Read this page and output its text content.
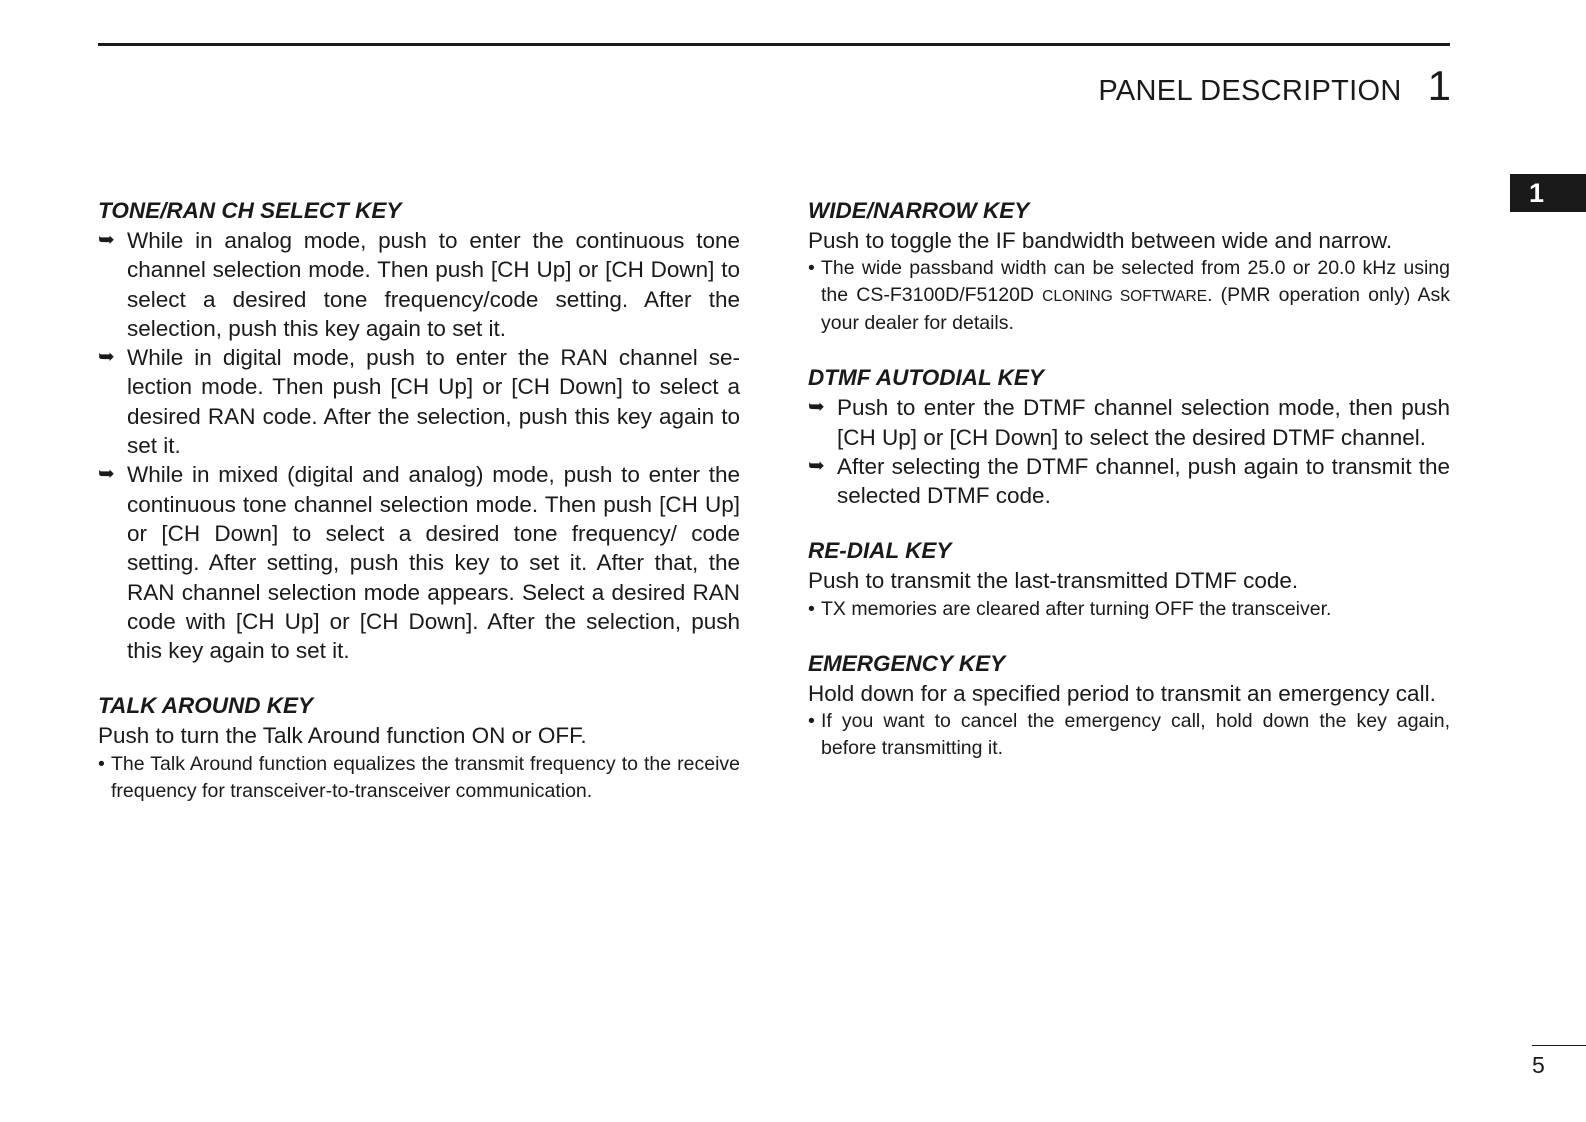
PANEL DESCRIPTION 1
1

TONE/RAN CH SELECT KEY

➥ While in analog mode, push to enter the continuous tone channel selection mode. Then push [CH Up] or [CH Down] to select a desired tone frequency/code setting. After the selection, push this key again to set it.
➥ While in digital mode, push to enter the RAN channel selection mode. Then push [CH Up] or [CH Down] to select a desired RAN code. After the selection, push this key again to set it.
➥ While in mixed (digital and analog) mode, push to enter the continuous tone channel selection mode. Then push [CH Up] or [CH Down] to select a desired tone frequency/ code setting. After setting, push this key to set it. After that, the RAN channel selection mode appears. Select a desired RAN code with [CH Up] or [CH Down]. After the selection, push this key again to set it.

TALK AROUND KEY

Push to turn the Talk Around function ON or OFF.

• The Talk Around function equalizes the transmit frequency to the receive frequency for transceiver-to-transceiver communication.

WIDE/NARROW KEY

Push to toggle the IF bandwidth between wide and narrow.

• The wide passband width can be selected from 25.0 or 20.0 kHz using the CS-F3100D/F5120D CLONING SOFTWARE. (PMR operation only) Ask your dealer for details.

DTMF AUTODIAL KEY

➥ Push to enter the DTMF channel selection mode, then push [CH Up] or [CH Down] to select the desired DTMF channel.
➥ After selecting the DTMF channel, push again to transmit the selected DTMF code.

RE-DIAL KEY

Push to transmit the last-transmitted DTMF code.

• TX memories are cleared after turning OFF the transceiver.

EMERGENCY KEY

Hold down for a specified period to transmit an emergency call.

• If you want to cancel the emergency call, hold down the key again, before transmitting it.
5
